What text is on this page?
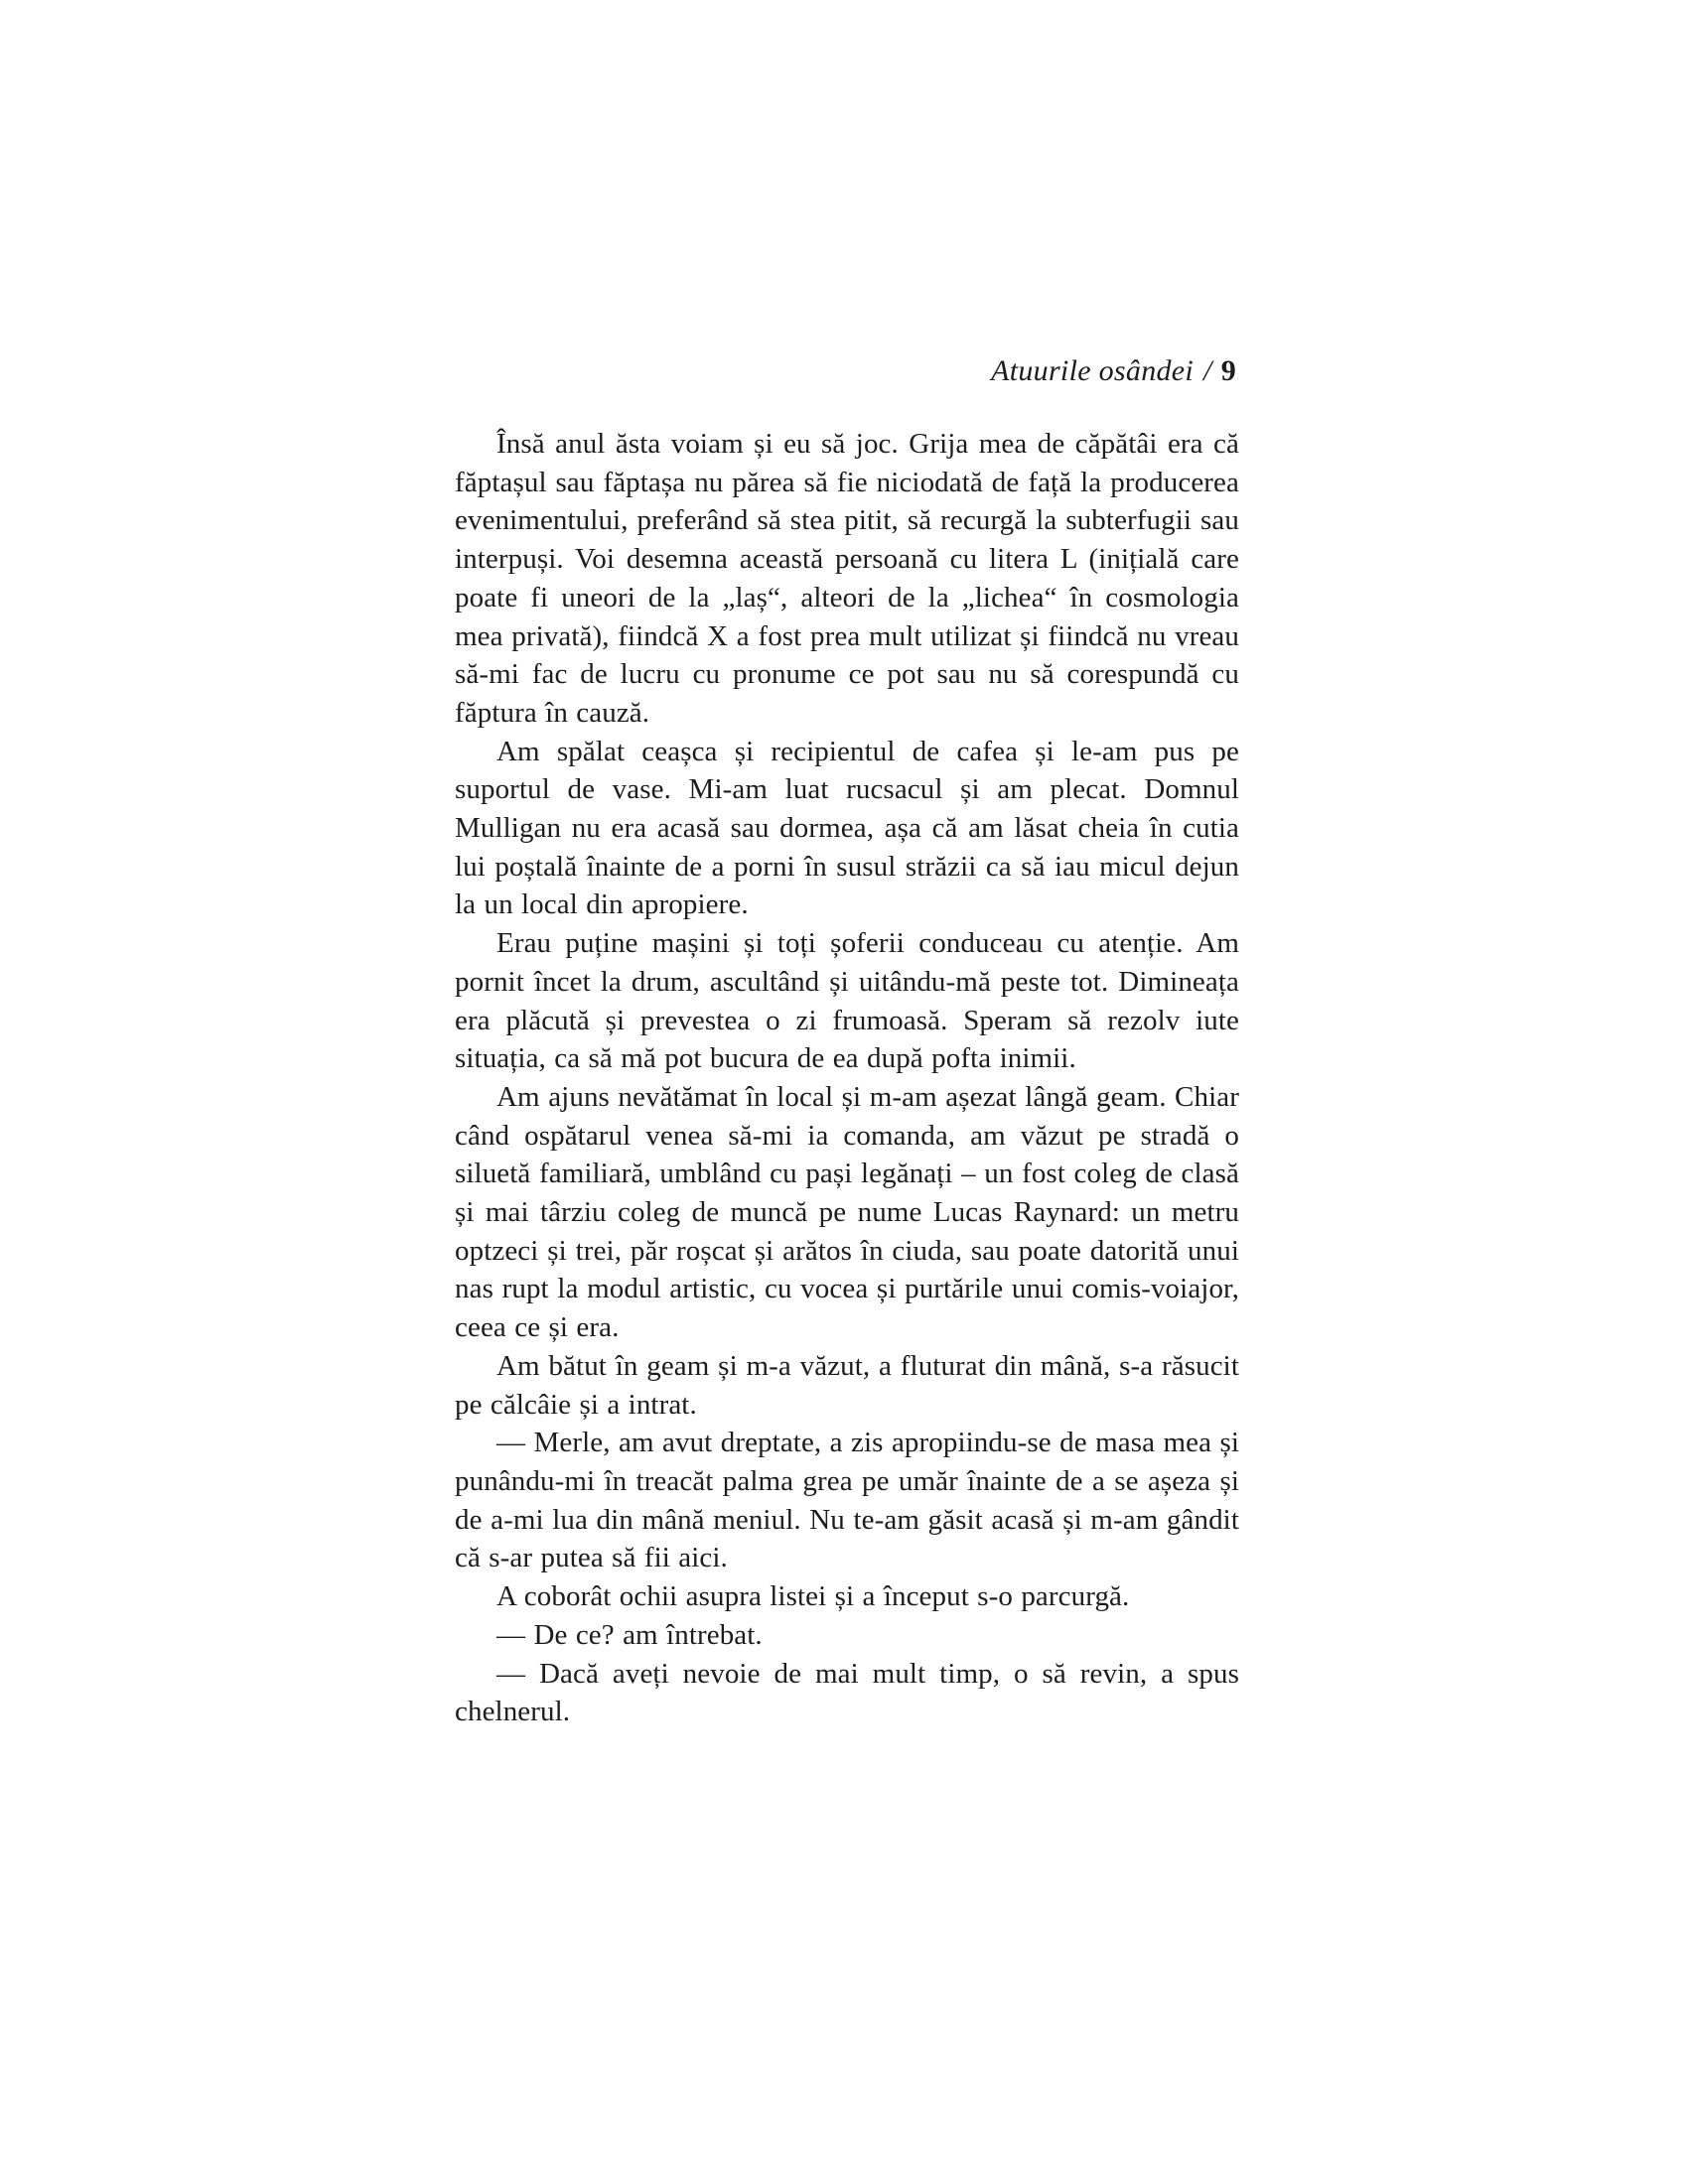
Atuurile osândei / 9

Însă anul ăsta voiam și eu să joc. Grija mea de căpătâi era că făptașul sau făptașa nu părea să fie niciodată de față la producerea evenimentului, preferând să stea pitit, să recurgă la subterfugii sau interpuși. Voi desemna această persoană cu litera L (inițială care poate fi uneori de la „laș“, alteori de la „lichea“ în cosmologia mea privată), fiindcă X a fost prea mult utilizat și fiindcă nu vreau să-mi fac de lucru cu pronume ce pot sau nu să corespundă cu făptura în cauză.

Am spălat ceașca și recipientul de cafea și le-am pus pe suportul de vase. Mi-am luat rucsacul și am plecat. Domnul Mulligan nu era acasă sau dormea, așa că am lăsat cheia în cutia lui poștală înainte de a porni în susul străzii ca să iau micul dejun la un local din apropiere.

Erau puține mașini și toți șoferii conduceau cu atenție. Am pornit încet la drum, ascultând și uitându-mă peste tot. Dimineața era plăcută și prevestea o zi frumoasă. Speram să rezolv iute situația, ca să mă pot bucura de ea după pofta inimii.

Am ajuns nevătămat în local și m-am așezat lângă geam. Chiar când ospătarul venea să-mi ia comanda, am văzut pe stradă o siluetă familiară, umblând cu pași legănați – un fost coleg de clasă și mai târziu coleg de muncă pe nume Lucas Raynard: un metru optzeci și trei, păr roșcat și arătos în ciuda, sau poate datorită unui nas rupt la modul artistic, cu vocea și purtările unui comis-voiajor, ceea ce și era.

Am bătut în geam și m-a văzut, a fluturat din mână, s-a răsucit pe călcâie și a intrat.

— Merle, am avut dreptate, a zis apropiindu-se de masa mea și punându-mi în treacăt palma grea pe umăr înainte de a se așeza și de a-mi lua din mână meniul. Nu te-am găsit acasă și m-am gândit că s-ar putea să fii aici.

A coborât ochii asupra listei și a început s-o parcurgă.

— De ce? am întrebat.

— Dacă aveți nevoie de mai mult timp, o să revin, a spus chelnerul.
